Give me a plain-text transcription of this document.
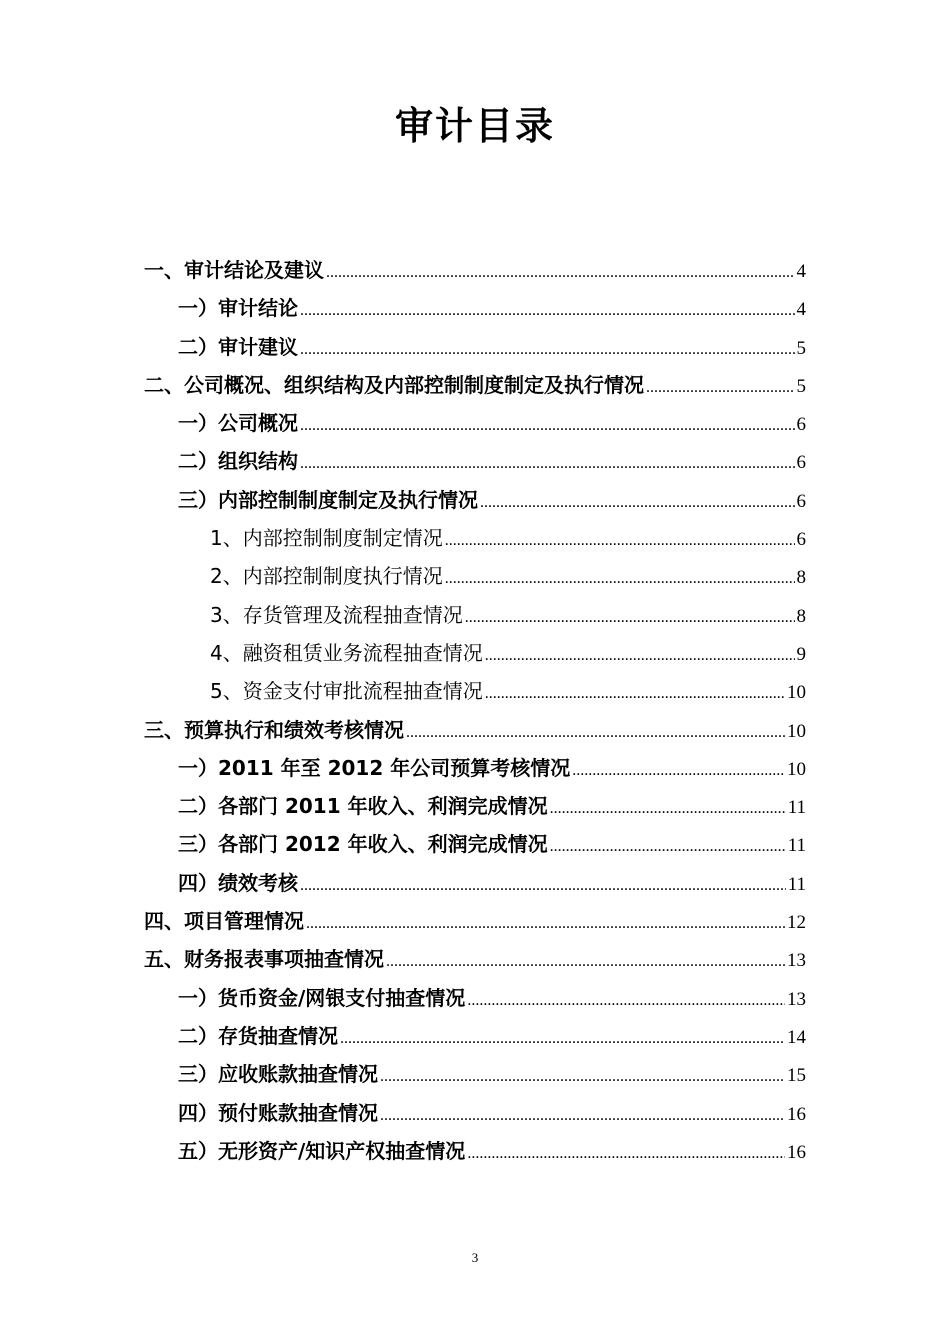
审计目录
一、审计结论及建议 .....	4
一）审计结论 .....	4
二）审计建议 .....	5
二、公司概况、组织结构及内部控制制度制定及执行情况 .....	5
一）公司概况 .....	6
二）组织结构 .....	6
三）内部控制制度制定及执行情况 .....	6
1、内部控制制度制定情况 .....	6
2、内部控制制度执行情况 .....	8
3、存货管理及流程抽查情况 .....	8
4、融资租赁业务流程抽查情况 .....	9
5、资金支付审批流程抽查情况 .....	10
三、预算执行和绩效考核情况 .....	10
一）2011 年至 2012 年公司预算考核情况 .....	10
二）各部门 2011 年收入、利润完成情况 .....	11
三）各部门 2012 年收入、利润完成情况 .....	11
四）绩效考核 .....	11
四、项目管理情况 .....	12
五、财务报表事项抽查情况 .....	13
一）货币资金/网银支付抽查情况 .....	13
二）存货抽查情况 .....	14
三）应收账款抽查情况 .....	15
四）预付账款抽查情况 .....	16
五）无形资产/知识产权抽查情况 .....	16
3
